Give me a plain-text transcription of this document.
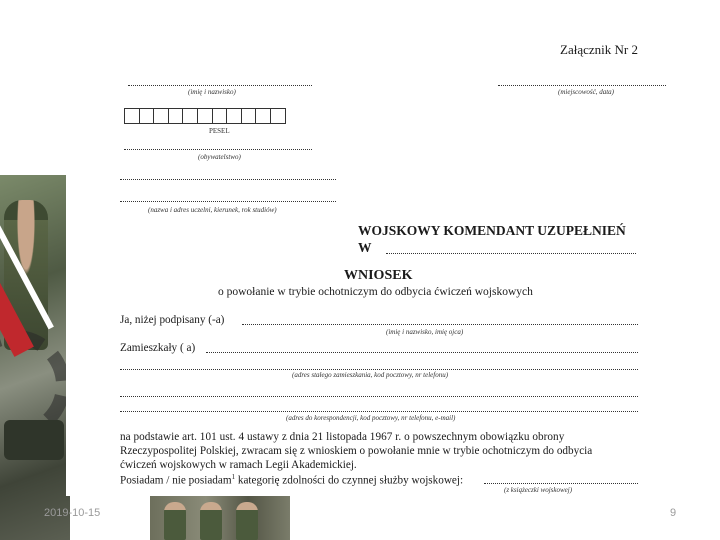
Załącznik Nr 2
(imię i nazwisko)	(miejscowość, data)
PESEL
(obywatelstwo)
(nazwa i adres uczelni, kierunek, rok studiów)
WOJSKOWY KOMENDANT UZUPEŁNIEŃ
W
WNIOSEK
o powołanie w trybie ochotniczym do odbycia ćwiczeń wojskowych
Ja, niżej podpisany (-a)
(imię i nazwisko, imię ojca)
Zamieszkały ( a)
(adres stałego zamieszkania, kod pocztowy, nr telefonu)
(adres do korespondencji, kod pocztowy, nr telefonu, e-mail)
na podstawie art. 101 ust. 4 ustawy z dnia 21 listopada 1967 r. o powszechnym obowiązku obrony
Rzeczypospolitej Polskiej, zwracam się z wnioskiem o powołanie mnie w trybie ochotniczym do odbycia
ćwiczeń wojskowych w ramach Legii Akademickiej.
Posiadam / nie posiadam$^1$ kategorię zdolności do czynnej służby wojskowej:
(z książeczki wojskowej)
2019-10-15	9
